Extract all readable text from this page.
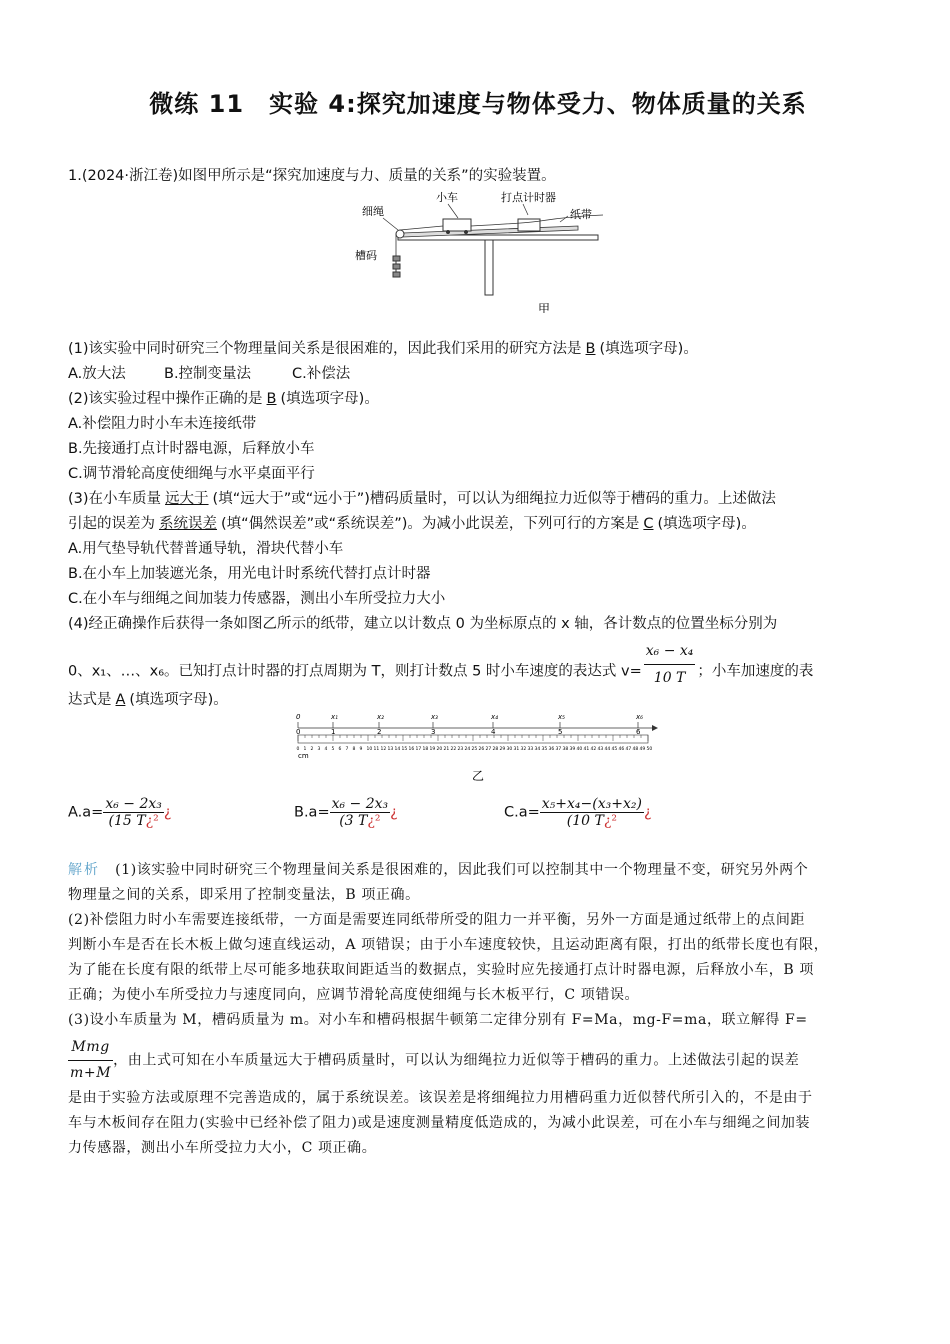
微练 11　实验 4:探究加速度与物体受力、物体质量的关系
1.(2024·浙江卷)如图甲所示是“探究加速度与力、质量的关系”的实验装置。
小车	打点计时器
细绳	纸带
槽码
甲
(1)该实验中同时研究三个物理量间关系是很困难的，因此我们采用的研究方法是 B (填选项字母)。
A.放大法	B.控制变量法	C.补偿法
(2)该实验过程中操作正确的是 B (填选项字母)。
A.补偿阻力时小车未连接纸带
B.先接通打点计时器电源，后释放小车
C.调节滑轮高度使细绳与水平桌面平行
(3)在小车质量 远大于 (填“远大于”或“远小于”)槽码质量时，可以认为细绳拉力近似等于槽码的重力。上述做法
引起的误差为 系统误差 (填“偶然误差”或“系统误差”)。为减小此误差，下列可行的方案是 C (填选项字母)。
A.用气垫导轨代替普通导轨，滑块代替小车
B.在小车上加装遮光条，用光电计时系统代替打点计时器
C.在小车与细绳之间加装力传感器，测出小车所受拉力大小
(4)经正确操作后获得一条如图乙所示的纸带，建立以计数点 0 为坐标原点的 x 轴，各计数点的位置坐标分别为
0、x₁、…、x₆。已知打点计时器的打点周期为 T，则打计数点 5 时小车速度的表达式 $v= \frac{\text{x₆ − x₄}}{10 T}$ ；小车加速度的表
达式是 A (填选项字母)。
0 1 2 3 4 5 6 7 8 9 10 11 12 13 14 15 16 17 18 19 20 21 22 23 24 25 26 27 28 29 30 31 32 33 34 35 36 37 38 39 40 41 42 43 44 45 46 47 48 49 50
0
0
x₁
1
x₂
2
x₃
3
x₄
4
x₅
5
x₆
6
cm
乙
$A.a= \frac{\text{x₆ − 2x₃}}{\text{(15 T¿²}}$ ¿	$B.a= \frac{\text{x₆ − 2x₃}}{\text{(3 T¿²}}$ ¿	$C.a= \frac{\text{x₅+x₄−(x₃+x₂)}}{\text{(10 T¿²}}$ ¿
解析 (1)该实验中同时研究三个物理量间关系是很困难的，因此我们可以控制其中一个物理量不变，研究另外两个
物理量之间的关系，即采用了控制变量法，B 项正确。
(2)补偿阻力时小车需要连接纸带，一方面是需要连同纸带所受的阻力一并平衡，另外一方面是通过纸带上的点间距
判断小车是否在长木板上做匀速直线运动，A 项错误；由于小车速度较快，且运动距离有限，打出的纸带长度也有限，
为了能在长度有限的纸带上尽可能多地获取间距适当的数据点，实验时应先接通打点计时器电源，后释放小车，B 项
正确；为使小车所受拉力与速度同向，应调节滑轮高度使细绳与长木板平行，C 项错误。
(3)设小车质量为 M，槽码质量为 m。对小车和槽码根据牛顿第二定律分别有 F=Ma，mg-F=ma，联立解得 F=
$\frac{\text{Mmg}}{m+M}$ ，由上式可知在小车质量远大于槽码质量时，可以认为细绳拉力近似等于槽码的重力。上述做法引起的误差
是由于实验方法或原理不完善造成的，属于系统误差。该误差是将细绳拉力用槽码重力近似替代所引入的，不是由于
车与木板间存在阻力(实验中已经补偿了阻力)或是速度测量精度低造成的，为减小此误差，可在小车与细绳之间加装
力传感器，测出小车所受拉力大小，C 项正确。
